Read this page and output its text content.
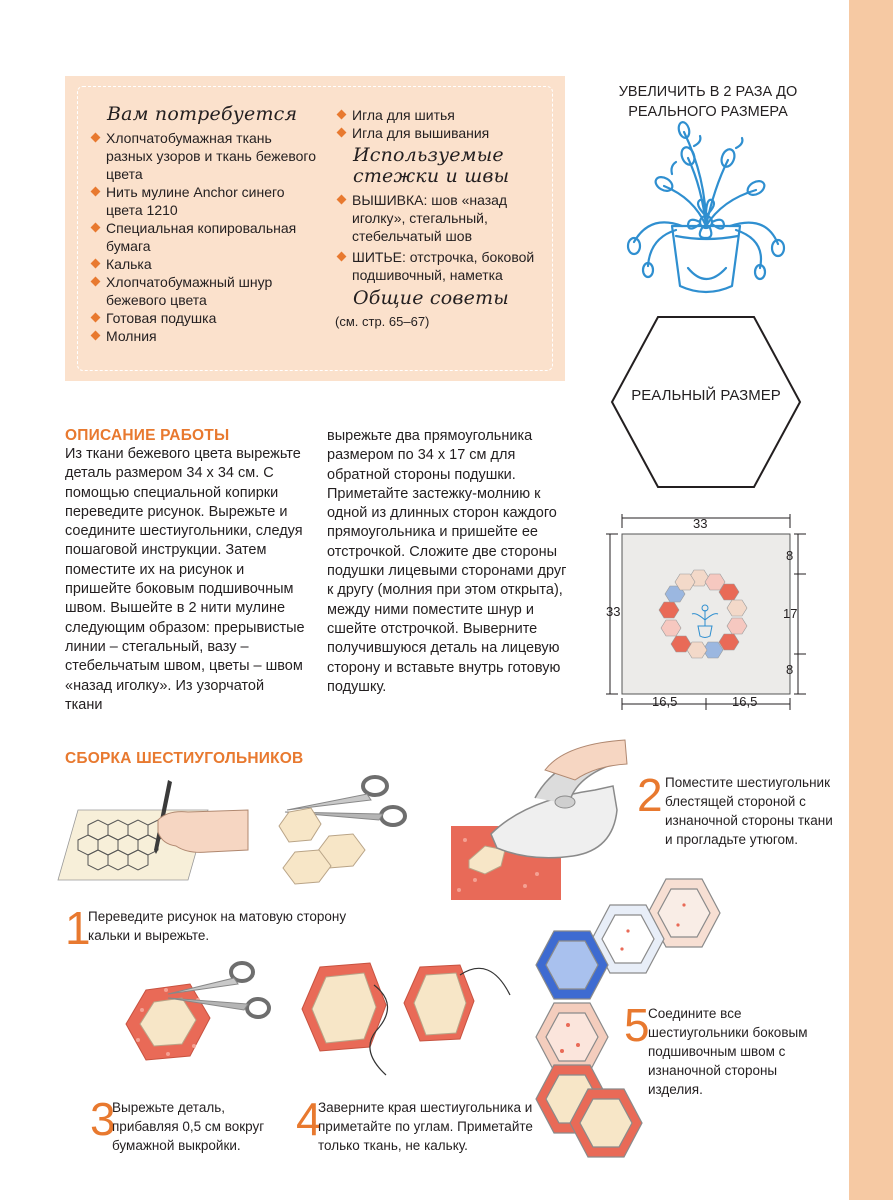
Вам потребуется
Хлопчатобумажная ткань разных узоров и ткань бежевого цвета
Нить мулине Anchor синего цвета 1210
Специальная копировальная бумага
Калька
Хлопчатобумажный шнур бежевого цвета
Готовая подушка
Молния
Игла для шитья
Игла для вышивания
Используемые стежки и швы
ВЫШИВКА: шов «назад иголку», стегальный, стебельчатый шов
ШИТЬЕ: отстрочка, боковой подшивочный, наметка
Общие советы
(см. стр. 65–67)
УВЕЛИЧИТЬ В 2 РАЗА ДО РЕАЛЬНОГО РАЗМЕРА
РЕАЛЬНЫЙ РАЗМЕР
ОПИСАНИЕ РАБОТЫ
Из ткани бежевого цвета вырежьте деталь размером 34 х 34 см. С помощью специальной копирки переведите рисунок. Вырежьте и соедините шестиугольники, следуя пошаговой инструкции. Затем поместите их на рисунок и пришейте боковым подшивочным швом. Вышейте в 2 нити мулине следующим образом: прерывистые линии – стегальный, вазу – стебельчатым швом, цветы – швом «назад иголку». Из узорчатой ткани
вырежьте два прямоугольника размером по 34 х 17 см для обратной стороны подушки. Приметайте застежку-молнию к одной из длинных сторон каждого прямоугольника и пришейте ее отстрочкой. Сложите две стороны подушки лицевыми сторонами друг к другу (молния при этом открыта), между ними поместите шнур и сшейте отстрочкой. Выверните получившуюся деталь на лицевую сторону и вставьте внутрь готовую подушку.
33
33
8
17
8
16,5	16,5
СБОРКА ШЕСТИУГОЛЬНИКОВ
2 Поместите шестиугольник блестящей стороной с изнаночной стороны ткани и прогладьте утюгом.
1
Переведите рисунок на матовую сторону кальки и вырежьте.
5
Соедините все шестиугольники боковым подшивочным швом с изнаночной стороны изделия.
3
Вырежьте деталь, прибавляя 0,5 см вокруг бумажной выкройки.
4
Заверните края шестиугольника и приметайте по углам. Приметайте только ткань, не кальку.
